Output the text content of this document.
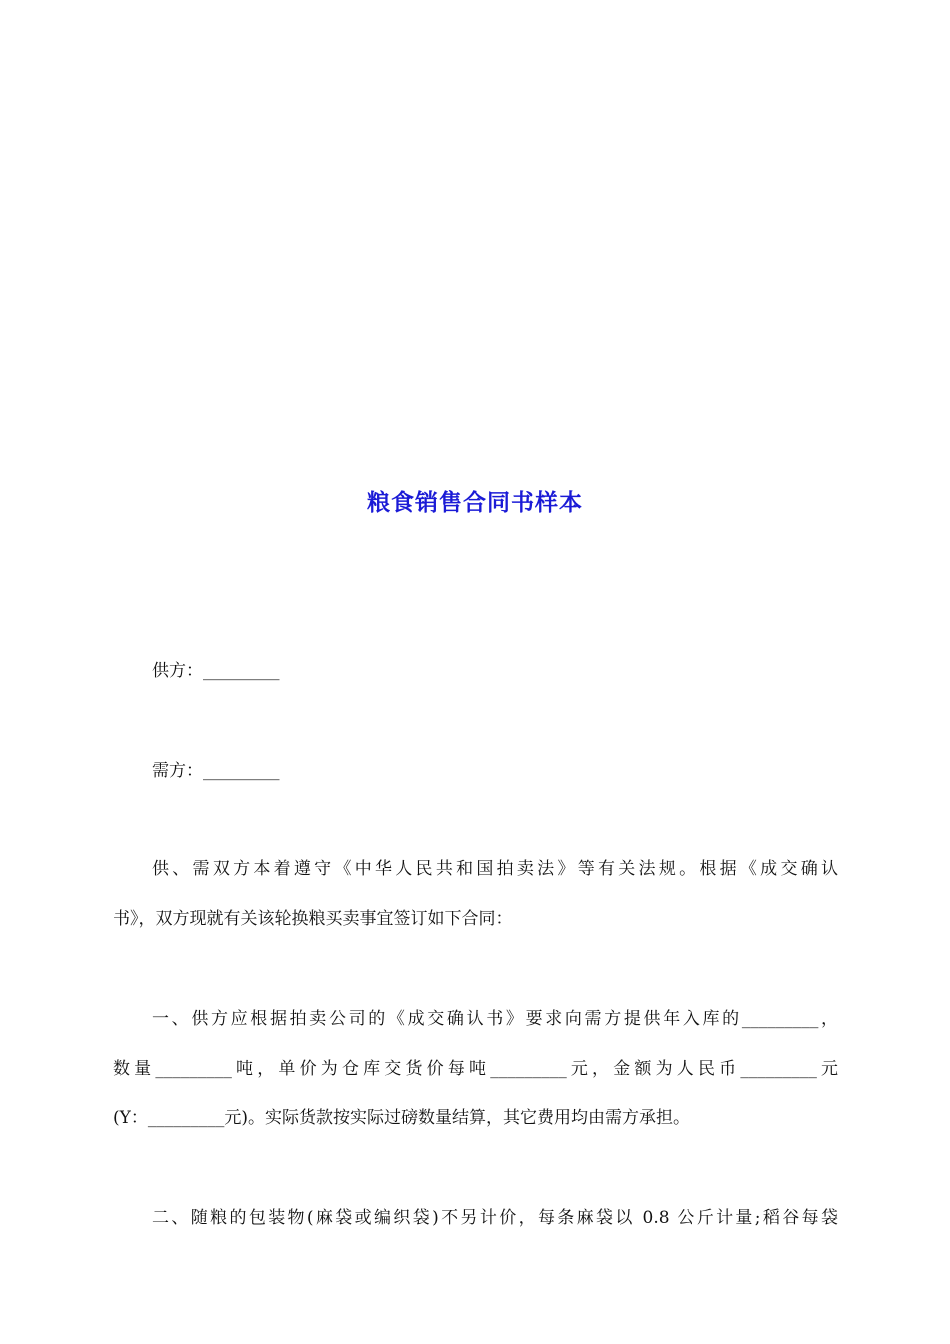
粮食销售合同书样本
供方：_________
需方：_________
供、需双方本着遵守《中华人民共和国拍卖法》等有关法规。根据《成交确认
书》，双方现就有关该轮换粮买卖事宜签订如下合同：
一、供方应根据拍卖公司的《成交确认书》要求向需方提供年入库的_________，
数量_________吨，单价为仓库交货价每吨_________元，金额为人民币_________元
(Y：_________元)。实际货款按实际过磅数量结算，其它费用均由需方承担。
二、随粮的包装物(麻袋或编织袋)不另计价，每条麻袋以 0.8 公斤计量;稻谷每袋
